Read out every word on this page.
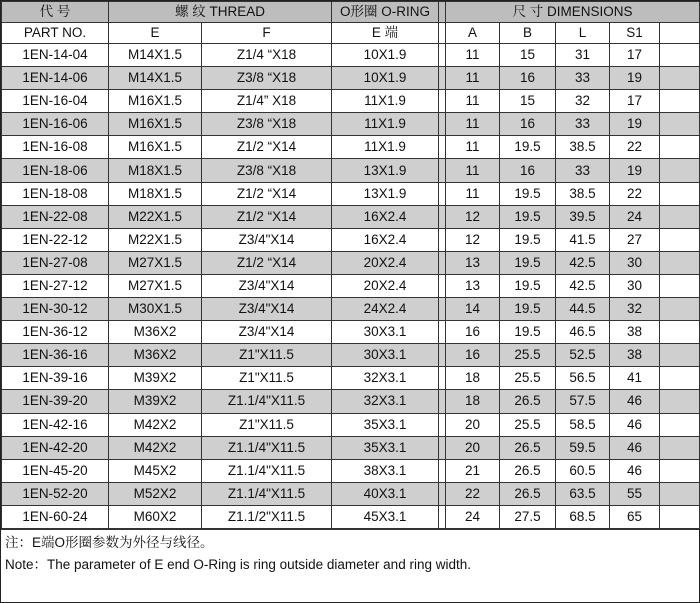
代 号	螺 纹 THREAD		O形圈 O-RING		尺 寸 DIMENSIONS				
PART NO.	E	F	E 端		A	B	L	S1	
1EN-14-04	M14X1.5	Z1/4 “X18	10X1.9		11	15	31	17	
1EN-14-06	M14X1.5	Z3/8 “X18	10X1.9		11	16	33	19	
1EN-16-04	M16X1.5	Z1/4” X18	11X1.9		11	15	32	17	
1EN-16-06	M16X1.5	Z3/8 “X18	11X1.9		11	16	33	19	
1EN-16-08	M16X1.5	Z1/2 “X14	11X1.9		11	19.5	38.5	22	
1EN-18-06	M18X1.5	Z3/8 “X18	13X1.9		11	16	33	19	
1EN-18-08	M18X1.5	Z1/2 “X14	13X1.9		11	19.5	38.5	22	
1EN-22-08	M22X1.5	Z1/2 “X14	16X2.4		12	19.5	39.5	24	
1EN-22-12	M22X1.5	Z3/4"X14	16X2.4		12	19.5	41.5	27	
1EN-27-08	M27X1.5	Z1/2 “X14	20X2.4		13	19.5	42.5	30	
1EN-27-12	M27X1.5	Z3/4"X14	20X2.4		13	19.5	42.5	30	
1EN-30-12	M30X1.5	Z3/4"X14	24X2.4		14	19.5	44.5	32	
1EN-36-12	M36X2	Z3/4"X14	30X3.1		16	19.5	46.5	38	
1EN-36-16	M36X2	Z1"X11.5	30X3.1		16	25.5	52.5	38	
1EN-39-16	M39X2	Z1"X11.5	32X3.1		18	25.5	56.5	41	
1EN-39-20	M39X2	Z1.1/4"X11.5	32X3.1		18	26.5	57.5	46	
1EN-42-16	M42X2	Z1"X11.5	35X3.1		20	25.5	58.5	46	
1EN-42-20	M42X2	Z1.1/4"X11.5	35X3.1		20	26.5	59.5	46	
1EN-45-20	M45X2	Z1.1/4"X11.5	38X3.1		21	26.5	60.5	46	
1EN-52-20	M52X2	Z1.1/4"X11.5	40X3.1		22	26.5	63.5	55	
1EN-60-24	M60X2	Z1.1/2"X11.5	45X3.1		24	27.5	68.5	65	
注：E端O形圈参数为外径与线径。
Note：The parameter of E end O-Ring is ring outside diameter and ring width.
